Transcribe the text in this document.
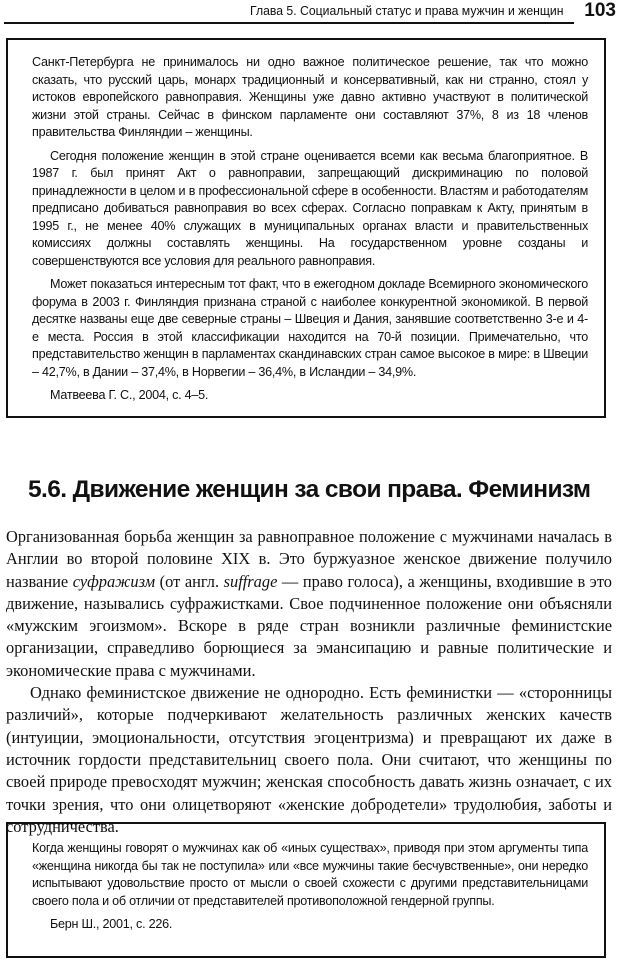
Глава 5. Социальный статус и права мужчин и женщин 103

Санкт-Петербурга не принималось ни одно важное политическое решение, так что можно сказать, что русский царь, монарх традиционный и консервативный, как ни странно, стоял у истоков европейского равноправия. Женщины уже давно активно участвуют в политической жизни этой страны. Сейчас в финском парламенте они составляют 37%, 8 из 18 членов правительства Финляндии – женщины.

Сегодня положение женщин в этой стране оценивается всеми как весьма благоприятное. В 1987 г. был принят Акт о равноправии, запрещающий дискриминацию по половой принадлежности в целом и в профессиональной сфере в особенности. Властям и работодателям предписано добиваться равноправия во всех сферах. Согласно поправкам к Акту, принятым в 1995 г., не менее 40% служащих в муниципальных органах власти и правительственных комиссиях должны составлять женщины. На государственном уровне созданы и совершенствуются все условия для реального равноправия.

Может показаться интересным тот факт, что в ежегодном докладе Всемирного экономического форума в 2003 г. Финляндия признана страной с наиболее конкурентной экономикой. В первой десятке названы еще две северные страны – Швеция и Дания, занявшие соответственно 3-е и 4-е места. Россия в этой классификации находится на 70-й позиции. Примечательно, что представительство женщин в парламентах скандинавских стран самое высокое в мире: в Швеции – 42,7%, в Дании – 37,4%, в Норвегии – 36,4%, в Исландии – 34,9%.

Матвеева Г. С., 2004, с. 4–5.

5.6. Движение женщин за свои права. Феминизм

Организованная борьба женщин за равноправное положение с мужчинами началась в Англии во второй половине XIX в. Это буржуазное женское движение получило название суфражизм (от англ. suffrage — право голоса), а женщины, входившие в это движение, назывались суфражистками. Свое подчиненное положение они объясняли «мужским эгоизмом». Вскоре в ряде стран возникли различные феминистские организации, справедливо борющиеся за эмансипацию и равные политические и экономические права с мужчинами.

Однако феминистское движение не однородно. Есть феминистки — «сторонницы различий», которые подчеркивают желательность различных женских качеств (интуиции, эмоциональности, отсутствия эгоцентризма) и превращают их даже в источник гордости представительниц своего пола. Они считают, что женщины по своей природе превосходят мужчин; женская способность давать жизнь означает, с их точки зрения, что они олицетворяют «женские добродетели» трудолюбия, заботы и сотрудничества.

Когда женщины говорят о мужчинах как об «иных существах», приводя при этом аргументы типа «женщина никогда бы так не поступила» или «все мужчины такие бесчувственные», они нередко испытывают удовольствие просто от мысли о своей схожести с другими представительницами своего пола и об отличии от представителей противоположной гендерной группы.

Берн Ш., 2001, с. 226.
